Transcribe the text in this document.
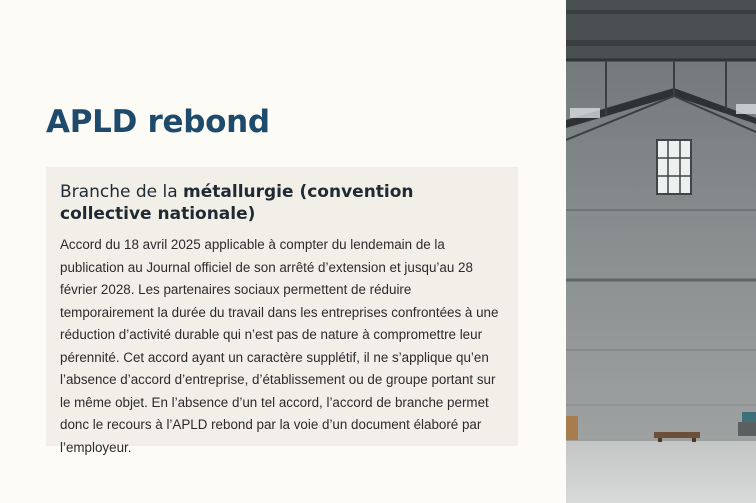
APLD rebond
Branche de la métallurgie (convention collective nationale)

Accord du 18 avril 2025 applicable à compter du lendemain de la publication au Journal officiel de son arrêté d’extension et jusqu’au 28 février 2028. Les partenaires sociaux permettent de réduire temporairement la durée du travail dans les entreprises confrontées à une réduction d’activité durable qui n’est pas de nature à compromettre leur pérennité. Cet accord ayant un caractère supplétif, il ne s’applique qu’en l’absence d’accord d’entreprise, d’établissement ou de groupe portant sur le même objet. En l’absence d’un tel accord, l’accord de branche permet donc le recours à l’APLD rebond par la voie d’un document élaboré par l’employeur.
